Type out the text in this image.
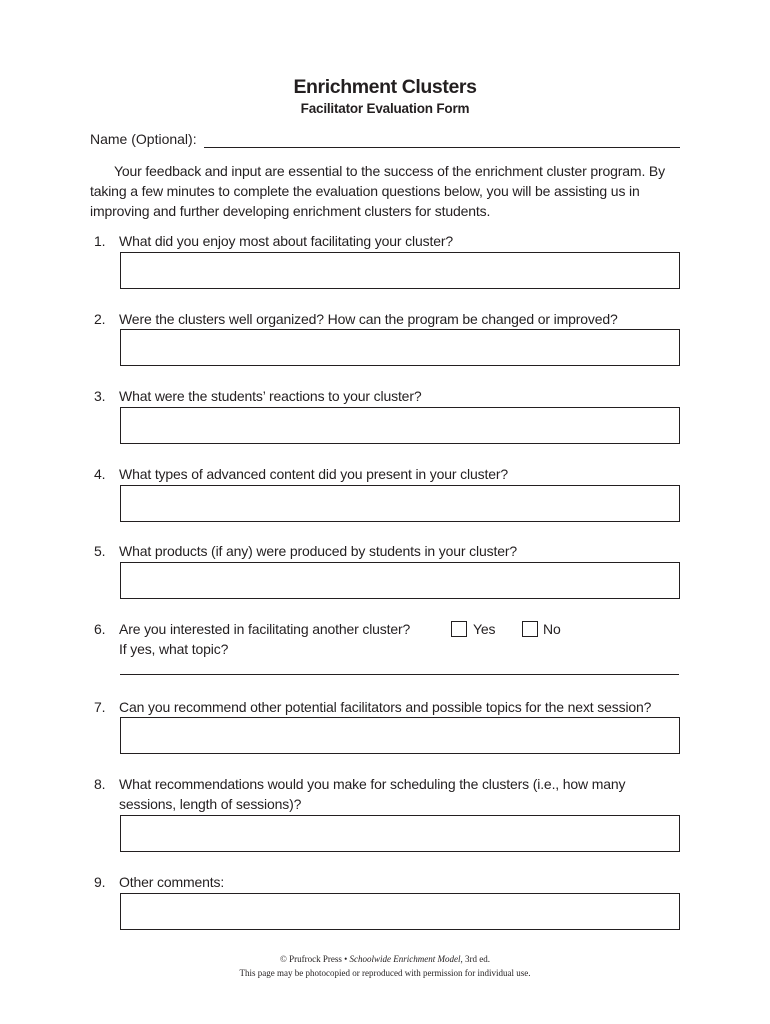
Enrichment Clusters
Facilitator Evaluation Form
Name (Optional):
Your feedback and input are essential to the success of the enrichment cluster program. By taking a few minutes to complete the evaluation questions below, you will be assisting us in improving and further developing enrichment clusters for students.
1. What did you enjoy most about facilitating your cluster?
2. Were the clusters well organized? How can the program be changed or improved?
3. What were the students’ reactions to your cluster?
4. What types of advanced content did you present in your cluster?
5. What products (if any) were produced by students in your cluster?
6. Are you interested in facilitating another cluster?	Yes	No
If yes, what topic?
7. Can you recommend other potential facilitators and possible topics for the next session?
8. What recommendations would you make for scheduling the clusters (i.e., how many
sessions, length of sessions)?
9. Other comments:
© Prufrock Press • Schoolwide Enrichment Model, 3rd ed.
This page may be photocopied or reproduced with permission for individual use.
